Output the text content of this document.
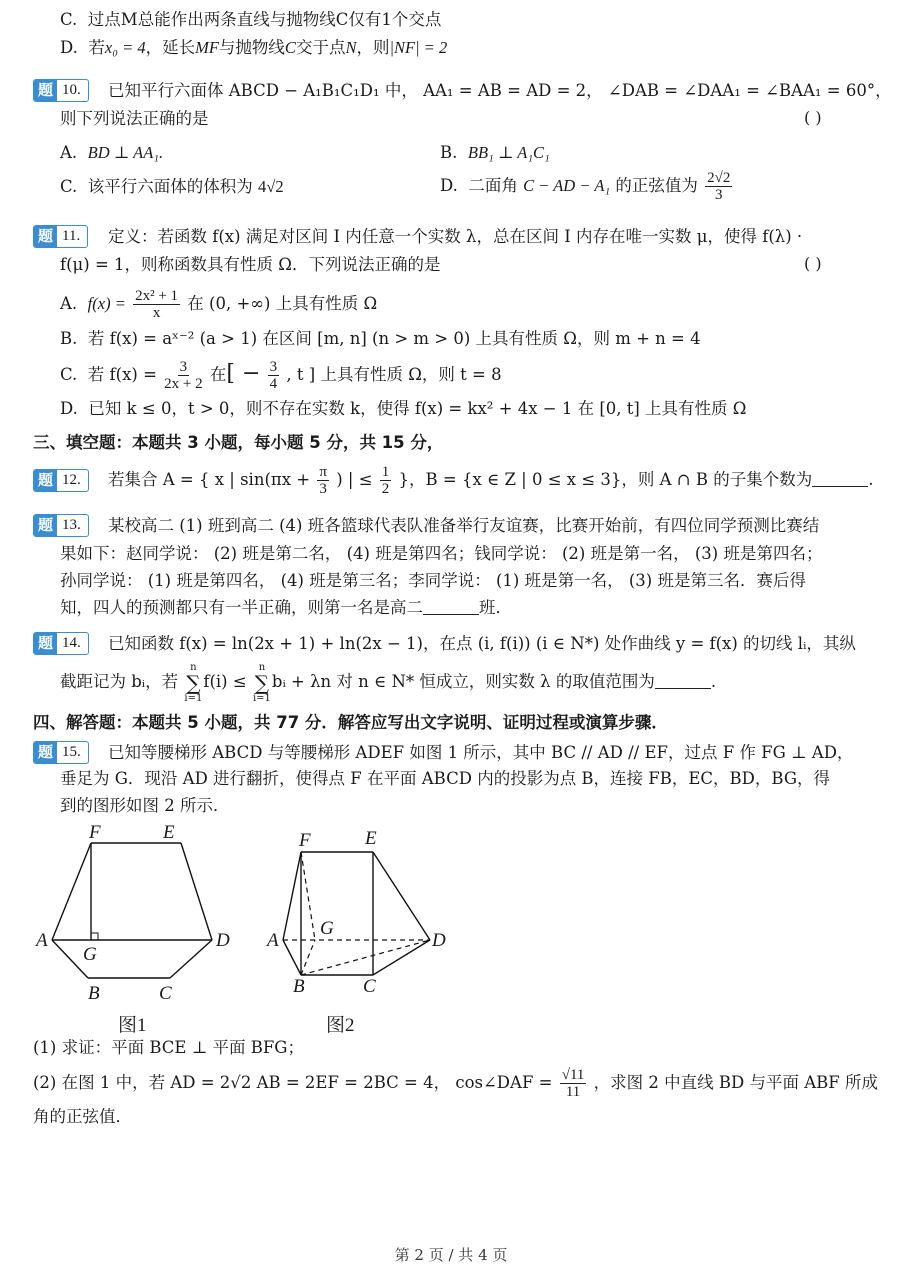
C. 过点M总能作出两条直线与抛物线C仅有1个交点
D. 若x₀ = 4，延长MF与抛物线C交于点N，则|NF| = 2
题 10.	已知平行六面体 ABCD − A₁B₁C₁D₁ 中， AA₁ = AB = AD = 2， ∠DAB = ∠DAA₁ = ∠BAA₁ = 60°，
则下列说法正确的是	( )
A. BD ⊥ AA₁.	B. BB₁ ⊥ A₁C₁
C. 该平行六面体的体积为 4√2	D. 二面角 C − AD − A₁ 的正弦值为 $\frac{2√2}{3}$
题 11.	定义：若函数 f(x) 满足对区间 I 内任意一个实数 λ，总在区间 I 内存在唯一实数 μ，使得 f(λ) ·
f(μ) = 1，则称函数具有性质 Ω．下列说法正确的是	( )
A. $f(x) = \frac{\text{2x² + 1}}{x}$ 在 (0, +∞) 上具有性质 Ω
B. 若 f(x) = aˣ⁻² (a > 1) 在区间 [m, n] (n > m > 0) 上具有性质 Ω，则 m + n = 4
C. 若 $f(x) = \frac{3}{2x + 2}$ 在[ − $\frac{3}{4}$ , t ] 上具有性质 Ω，则 t = 8
D. 已知 k ≤ 0，t > 0，则不存在实数 k，使得 f(x) = kx² + 4x − 1 在 [0, t] 上具有性质 Ω
三、填空题：本题共 3 小题，每小题 5 分，共 15 分，
题 12.	若集合 A = { x | $\sin(\pi x + \frac{\pi}{3}$ ) | ≤ $\frac{1}{2}$ }，B = {x ∈ Z | 0 ≤ x ≤ 3}，则 A ∩ B 的子集个数为	.
题 13.	某校高二 (1) 班到高二 (4) 班各篮球代表队准备举行友谊赛，比赛开始前，有四位同学预测比赛结
果如下：赵同学说： (2) 班是第二名， (4) 班是第四名；钱同学说： (2) 班是第一名， (3) 班是第四名；
孙同学说： (1) 班是第四名， (4) 班是第三名；李同学说： (1) 班是第一名， (3) 班是第三名．赛后得
知，四人的预测都只有一半正确，则第一名是高二	班．
题 14.	已知函数 f(x) = ln(2x + 1) + ln(2x − 1)，在点 (i, f(i)) (i ∈ N*) 处作曲线 y = f(x) 的切线 lᵢ，其纵
截距记为 bᵢ，若
n
∑
i=1
f(i) ≤
n
∑
i=1
bᵢ + λn 对 n ∈ N* 恒成立，则实数 λ 的取值范围为	.
四、解答题：本题共 5 小题，共 77 分．解答应写出文字说明、证明过程或演算步骤．
题 15.	已知等腰梯形 ABCD 与等腰梯形 ADEF 如图 1 所示，其中 BC // AD // EF，过点 F 作 FG ⊥ AD，
垂足为 G．现沿 AD 进行翻折，使得点 F 在平面 ABCD 内的投影为点 B，连接 FB，EC，BD，BG，得
到的图形如图 2 所示．
F	E
A
G
D
B	C
图1
F	E
A
G
D
B	C
图2
(1) 求证：平面 BCE ⊥ 平面 BFG；
(2) 在图 1 中，若 AD = 2√2 AB = 2EF = 2BC = 4， cos∠DAF = $\frac{√11}{11}$ ，求图 2 中直线 BD 与平面 ABF 所成
角的正弦值．
第 2 页 / 共 4 页
